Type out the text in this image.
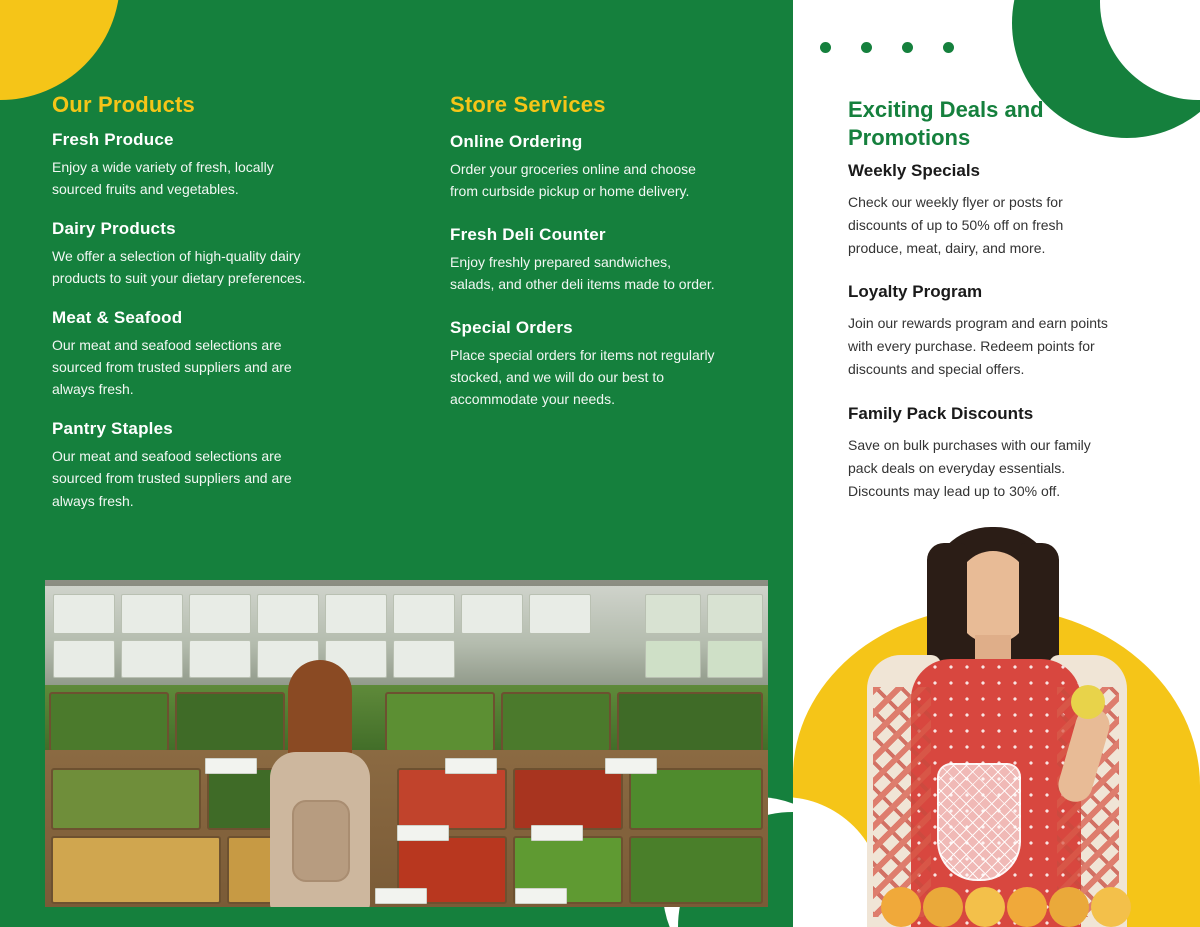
Our Products
Fresh Produce

Enjoy a wide variety of fresh, locally sourced fruits and vegetables.

Dairy Products

We offer a selection of high-quality dairy products to suit your dietary preferences.

Meat & Seafood

Our meat and seafood selections are sourced from trusted suppliers and are always fresh.

Pantry Staples

Our meat and seafood selections are sourced from trusted suppliers and are always fresh.

Store Services
Online Ordering

Order your groceries online and choose from curbside pickup or home delivery.

Fresh Deli Counter

Enjoy freshly prepared sandwiches, salads, and other deli items made to order.

Special Orders

Place special orders for items not regularly stocked, and we will do our best to accommodate your needs.

Exciting Deals and Promotions
Weekly Specials

Check our weekly flyer or posts for discounts of up to 50% off on fresh produce, meat, dairy, and more.

Loyalty Program

Join our rewards program and earn points with every purchase. Redeem points for discounts and special offers.

Family Pack Discounts

Save on bulk purchases with our family pack deals on everyday essentials. Discounts may lead up to 30% off.
